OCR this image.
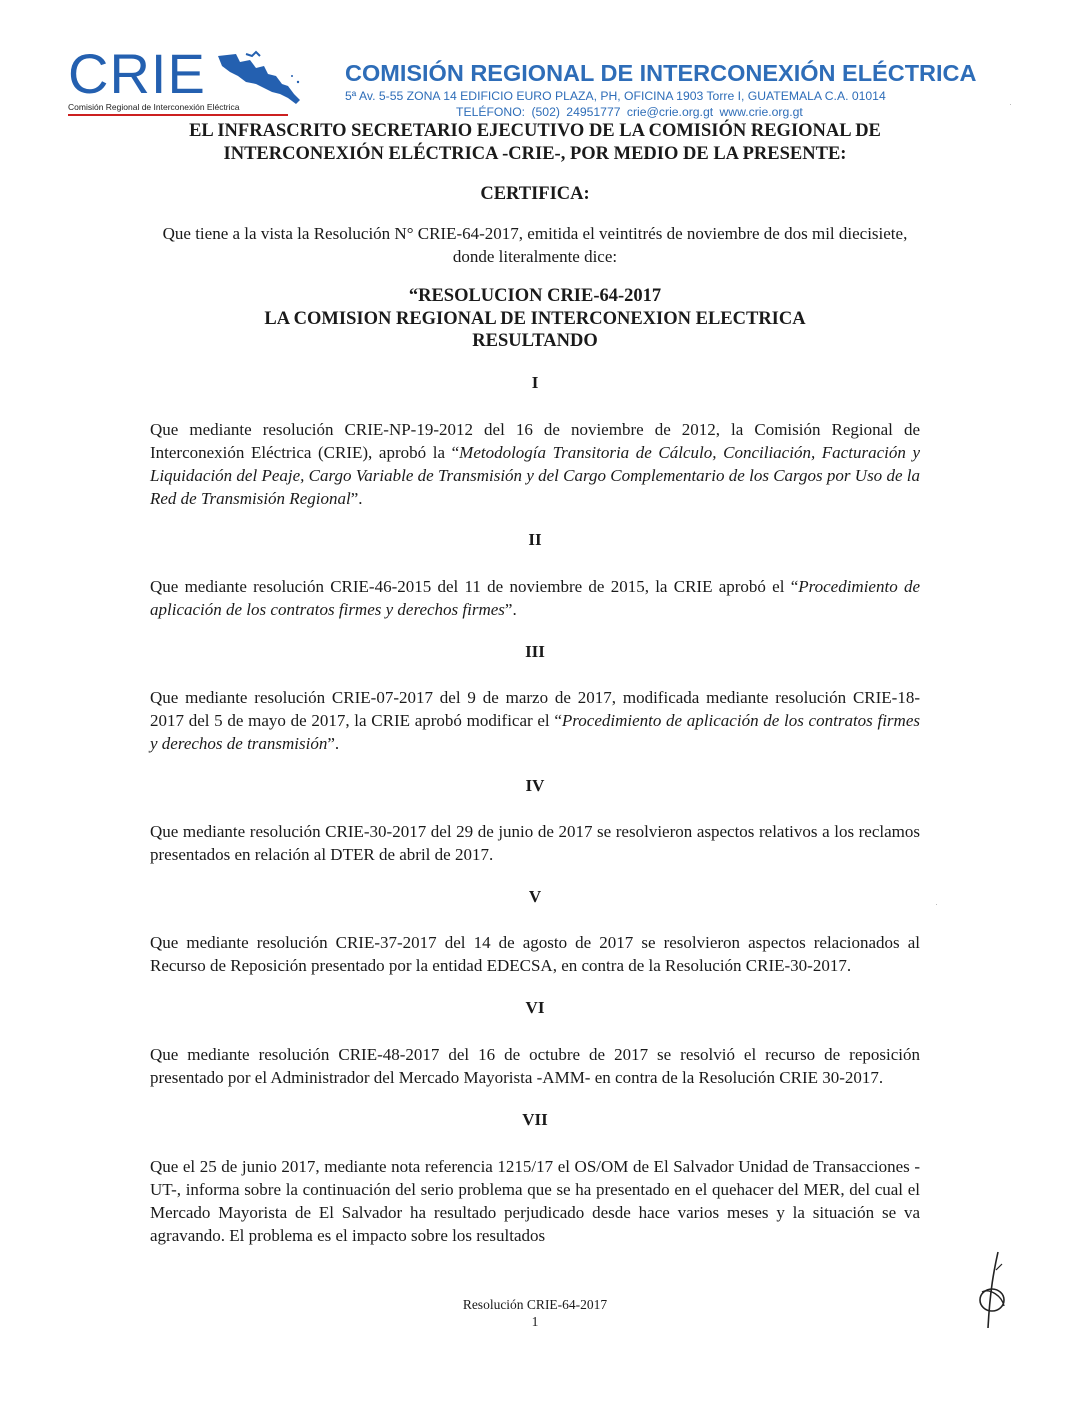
CRIE
Comisión Regional de Interconexión Eléctrica
COMISIÓN REGIONAL DE INTERCONEXIÓN ELÉCTRICA
5ª Av. 5-55 ZONA 14 EDIFICIO EURO PLAZA, PH, OFICINA 1903 Torre I, GUATEMALA C.A. 01014
TELÉFONO: (502) 24951777 crie@crie.org.gt www.crie.org.gt
EL INFRASCRITO SECRETARIO EJECUTIVO DE LA COMISIÓN REGIONAL DE INTERCONEXIÓN ELÉCTRICA -CRIE-, POR MEDIO DE LA PRESENTE:
CERTIFICA:
Que tiene a la vista la Resolución N° CRIE-64-2017, emitida el veintitrés de noviembre de dos mil diecisiete, donde literalmente dice:
“RESOLUCION CRIE-64-2017
LA COMISION REGIONAL DE INTERCONEXION ELECTRICA
RESULTANDO
I
Que mediante resolución CRIE-NP-19-2012 del 16 de noviembre de 2012, la Comisión Regional de Interconexión Eléctrica (CRIE), aprobó la “Metodología Transitoria de Cálculo, Conciliación, Facturación y Liquidación del Peaje, Cargo Variable de Transmisión y del Cargo Complementario de los Cargos por Uso de la Red de Transmisión Regional”.
II
Que mediante resolución CRIE-46-2015 del 11 de noviembre de 2015, la CRIE aprobó el “Procedimiento de aplicación de los contratos firmes y derechos firmes”.
III
Que mediante resolución CRIE-07-2017 del 9 de marzo de 2017, modificada mediante resolución CRIE-18-2017 del 5 de mayo de 2017, la CRIE aprobó modificar el “Procedimiento de aplicación de los contratos firmes y derechos de transmisión”.
IV
Que mediante resolución CRIE-30-2017 del 29 de junio de 2017 se resolvieron aspectos relativos a los reclamos presentados en relación al DTER de abril de 2017.
V
Que mediante resolución CRIE-37-2017 del 14 de agosto de 2017 se resolvieron aspectos relacionados al Recurso de Reposición presentado por la entidad EDECSA, en contra de la Resolución CRIE-30-2017.
VI
Que mediante resolución CRIE-48-2017 del 16 de octubre de 2017 se resolvió el recurso de reposición presentado por el Administrador del Mercado Mayorista -AMM- en contra de la Resolución CRIE 30-2017.
VII
Que el 25 de junio 2017, mediante nota referencia 1215/17 el OS/OM de El Salvador Unidad de Transacciones - UT-, informa sobre la continuación del serio problema que se ha presentado en el quehacer del MER, del cual el Mercado Mayorista de El Salvador ha resultado perjudicado desde hace varios meses y la situación se va agravando. El problema es el impacto sobre los resultados
Resolución CRIE-64-2017
1
